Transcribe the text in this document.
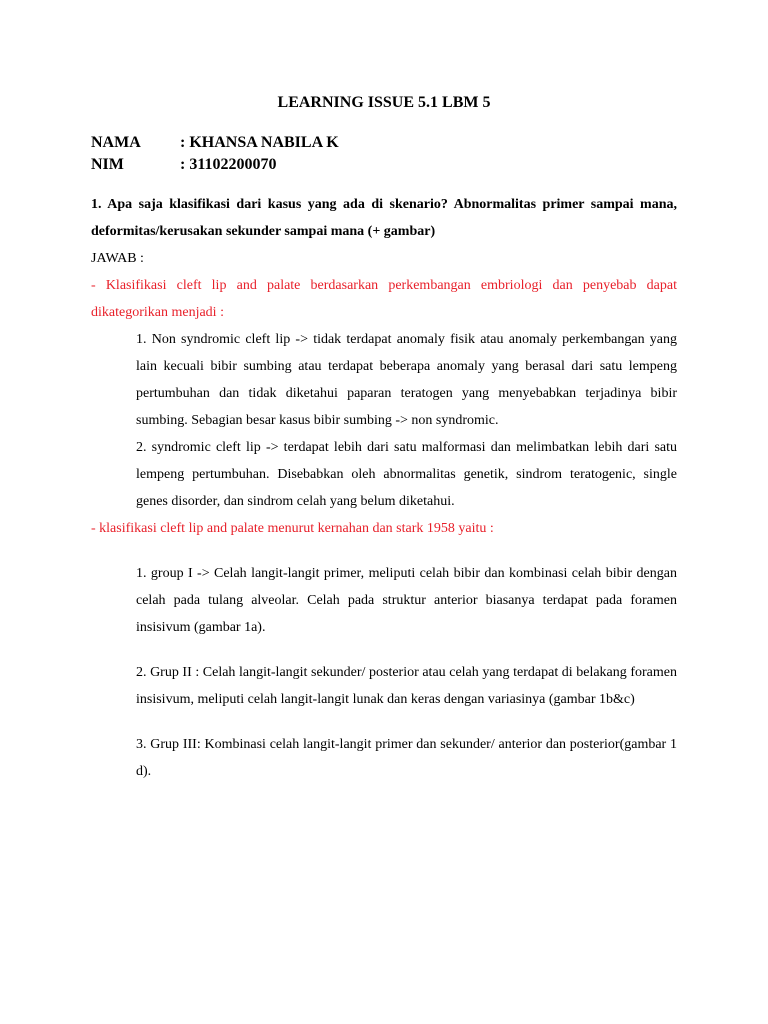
LEARNING ISSUE 5.1 LBM 5
NAMA : KHANSA NABILA K
NIM	: 31102200070

1. Apa saja klasifikasi dari kasus yang ada di skenario? Abnormalitas primer sampai mana, deformitas/kerusakan sekunder sampai mana (+ gambar)

JAWAB :

- Klasifikasi cleft lip and palate berdasarkan perkembangan embriologi dan penyebab dapat dikategorikan menjadi :

1. Non syndromic cleft lip -> tidak terdapat anomaly fisik atau anomaly perkembangan yang lain kecuali bibir sumbing atau terdapat beberapa anomaly yang berasal dari satu lempeng pertumbuhan dan tidak diketahui paparan teratogen yang menyebabkan terjadinya bibir sumbing. Sebagian besar kasus bibir sumbing -> non syndromic.

2. syndromic cleft lip -> terdapat lebih dari satu malformasi dan melimbatkan lebih dari satu lempeng pertumbuhan. Disebabkan oleh abnormalitas genetik, sindrom teratogenic, single genes disorder, dan sindrom celah yang belum diketahui.

- klasifikasi cleft lip and palate menurut kernahan dan stark 1958 yaitu :

1. group I -> Celah langit-langit primer, meliputi celah bibir dan kombinasi celah bibir dengan celah pada tulang alveolar. Celah pada struktur anterior biasanya terdapat pada foramen insisivum (gambar 1a).

2. Grup II : Celah langit-langit sekunder/ posterior atau celah yang terdapat di belakang foramen insisivum, meliputi celah langit-langit lunak dan keras dengan variasinya (gambar 1b&c)

3. Grup III: Kombinasi celah langit-langit primer dan sekunder/ anterior dan posterior(gambar 1 d).
